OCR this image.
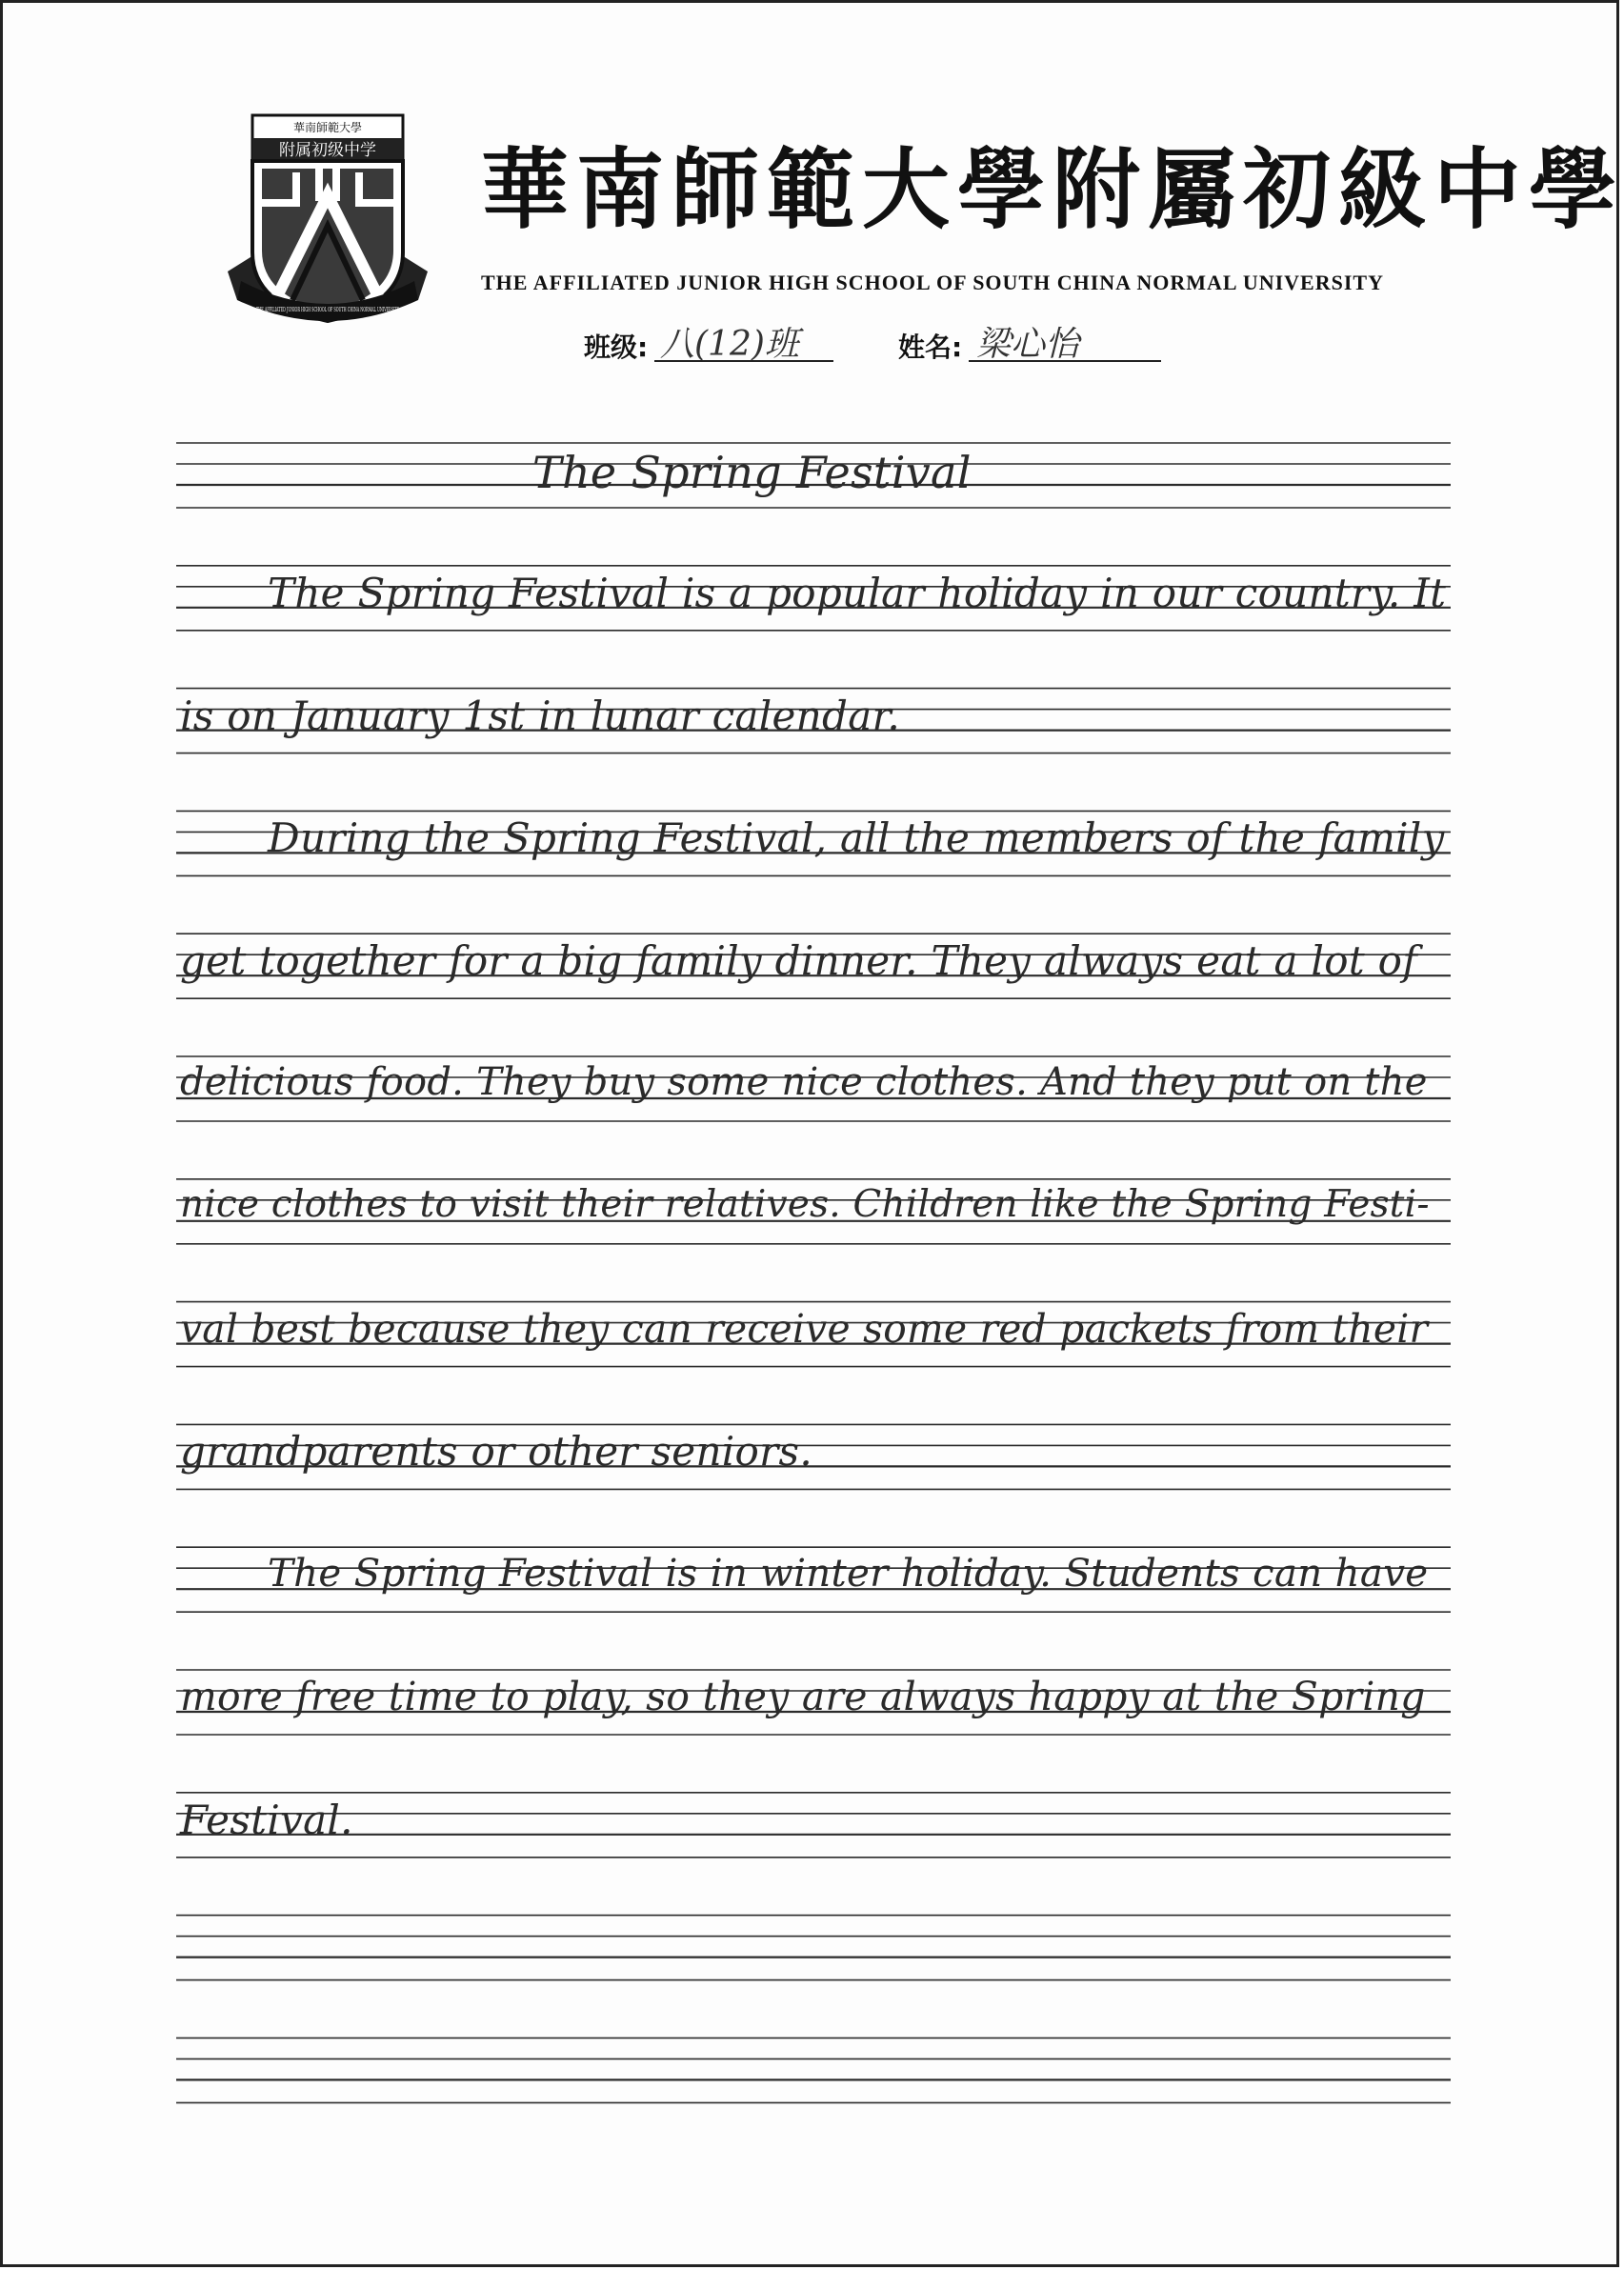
華南師範大學
附属初级中学
THE AFFILIATED JUNIOR HIGH SCHOOL OF SOUTH CHINA NORMAL UNIVERSITY
華南師範大學附屬初級中學
THE AFFILIATED JUNIOR HIGH SCHOOL OF SOUTH CHINA NORMAL UNIVERSITY
班级: 八(12)班	姓名: 梁心怡
The Spring Festival
The Spring Festival is a popular holiday in our country. It
is on January 1st in lunar calendar.
During the Spring Festival, all the members of the family
get together for a big family dinner. They always eat a lot of
delicious food. They buy some nice clothes. And they put on the
nice clothes to visit their relatives. Children like the Spring Festi-
val best because they can receive some red packets from their
grandparents or other seniors.
The Spring Festival is in winter holiday. Students can have
more free time to play, so they are always happy at the Spring
Festival.
